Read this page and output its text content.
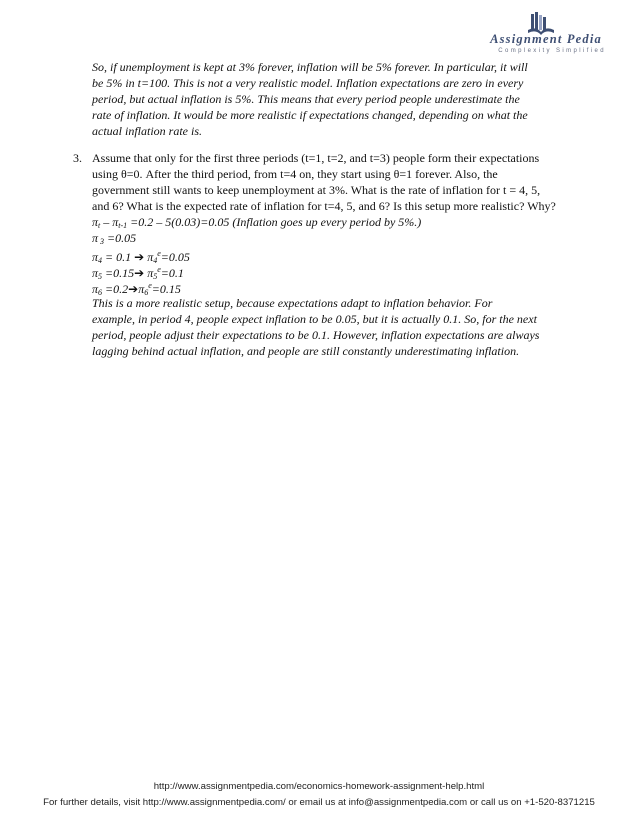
Assignment Pedia
Complexity Simplified
So, if unemployment is kept at 3% forever, inflation will be 5% forever. In particular, it will
be 5% in t=100. This is not a very realistic model. Inflation expectations are zero in every
period, but actual inflation is 5%. This means that every period people underestimate the
rate of inflation. It would be more realistic if expectations changed, depending on what the
actual inflation rate is.
3. Assume that only for the first three periods (t=1, t=2, and t=3) people form their expectations
using θ=0. After the third period, from t=4 on, they start using θ=1 forever. Also, the
government still wants to keep unemployment at 3%. What is the rate of inflation for t = 4, 5,
and 6? What is the expected rate of inflation for t=4, 5, and 6? Is this setup more realistic? Why?
$\pi_t - \pi_{t-1} =0.2 - 5(0.03)=0.05$ (Inflation goes up every period by 5%.)
π $_3$ =0.05
$\pi_4 = 0.1$ ➔ $\pi_4^e=0.05$
$\pi_5$ =0.15➔ $\pi_5^e=0.1$
$\pi_6$ $=0.2➔\pi_6^e=0.15$
This is a more realistic setup, because expectations adapt to inflation behavior. For
example, in period 4, people expect inflation to be 0.05, but it is actually 0.1. So, for the next
period, people adjust their expectations to be 0.1. However, inflation expectations are always
lagging behind actual inflation, and people are still constantly underestimating inflation.
http://www.assignmentpedia.com/economics-homework-assignment-help.html
For further details, visit http://www.assignmentpedia.com/ or email us at info@assignmentpedia.com or call us on +1-520-8371215
